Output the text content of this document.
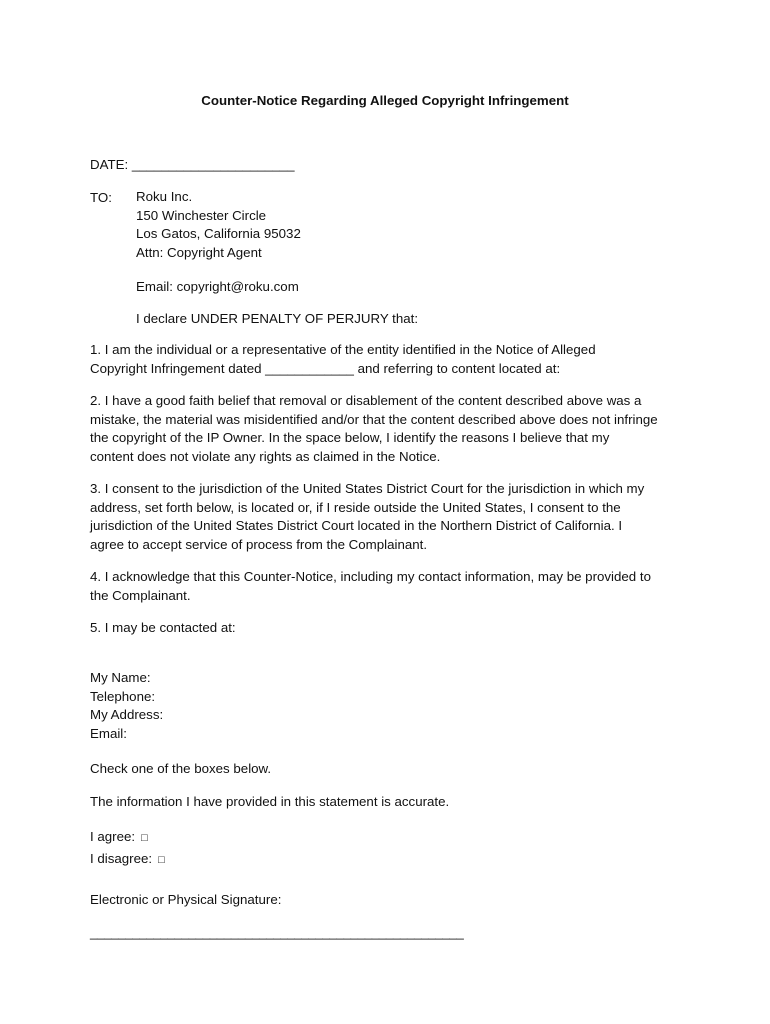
Counter-Notice Regarding Alleged Copyright Infringement
DATE: ______________________
TO: Roku Inc.
150 Winchester Circle
Los Gatos, California 95032
Attn: Copyright Agent
Email: copyright@roku.com
I declare UNDER PENALTY OF PERJURY that:
1. I am the individual or a representative of the entity identified in the Notice of Alleged
Copyright Infringement dated ____________ and referring to content located at:
2. I have a good faith belief that removal or disablement of the content described above was a
mistake, the material was misidentified and/or that the content described above does not infringe
the copyright of the IP Owner. In the space below, I identify the reasons I believe that my
content does not violate any rights as claimed in the Notice.
3. I consent to the jurisdiction of the United States District Court for the jurisdiction in which my
address, set forth below, is located or, if I reside outside the United States, I consent to the
jurisdiction of the United States District Court located in the Northern District of California. I
agree to accept service of process from the Complainant.
4. I acknowledge that this Counter-Notice, including my contact information, may be provided to
the Complainant.
5. I may be contacted at:
My Name:
Telephone:
My Address:
Email:
Check one of the boxes below.
The information I have provided in this statement is accurate.
I agree: □
I disagree: □
Electronic or Physical Signature:
_____________________________________________________
